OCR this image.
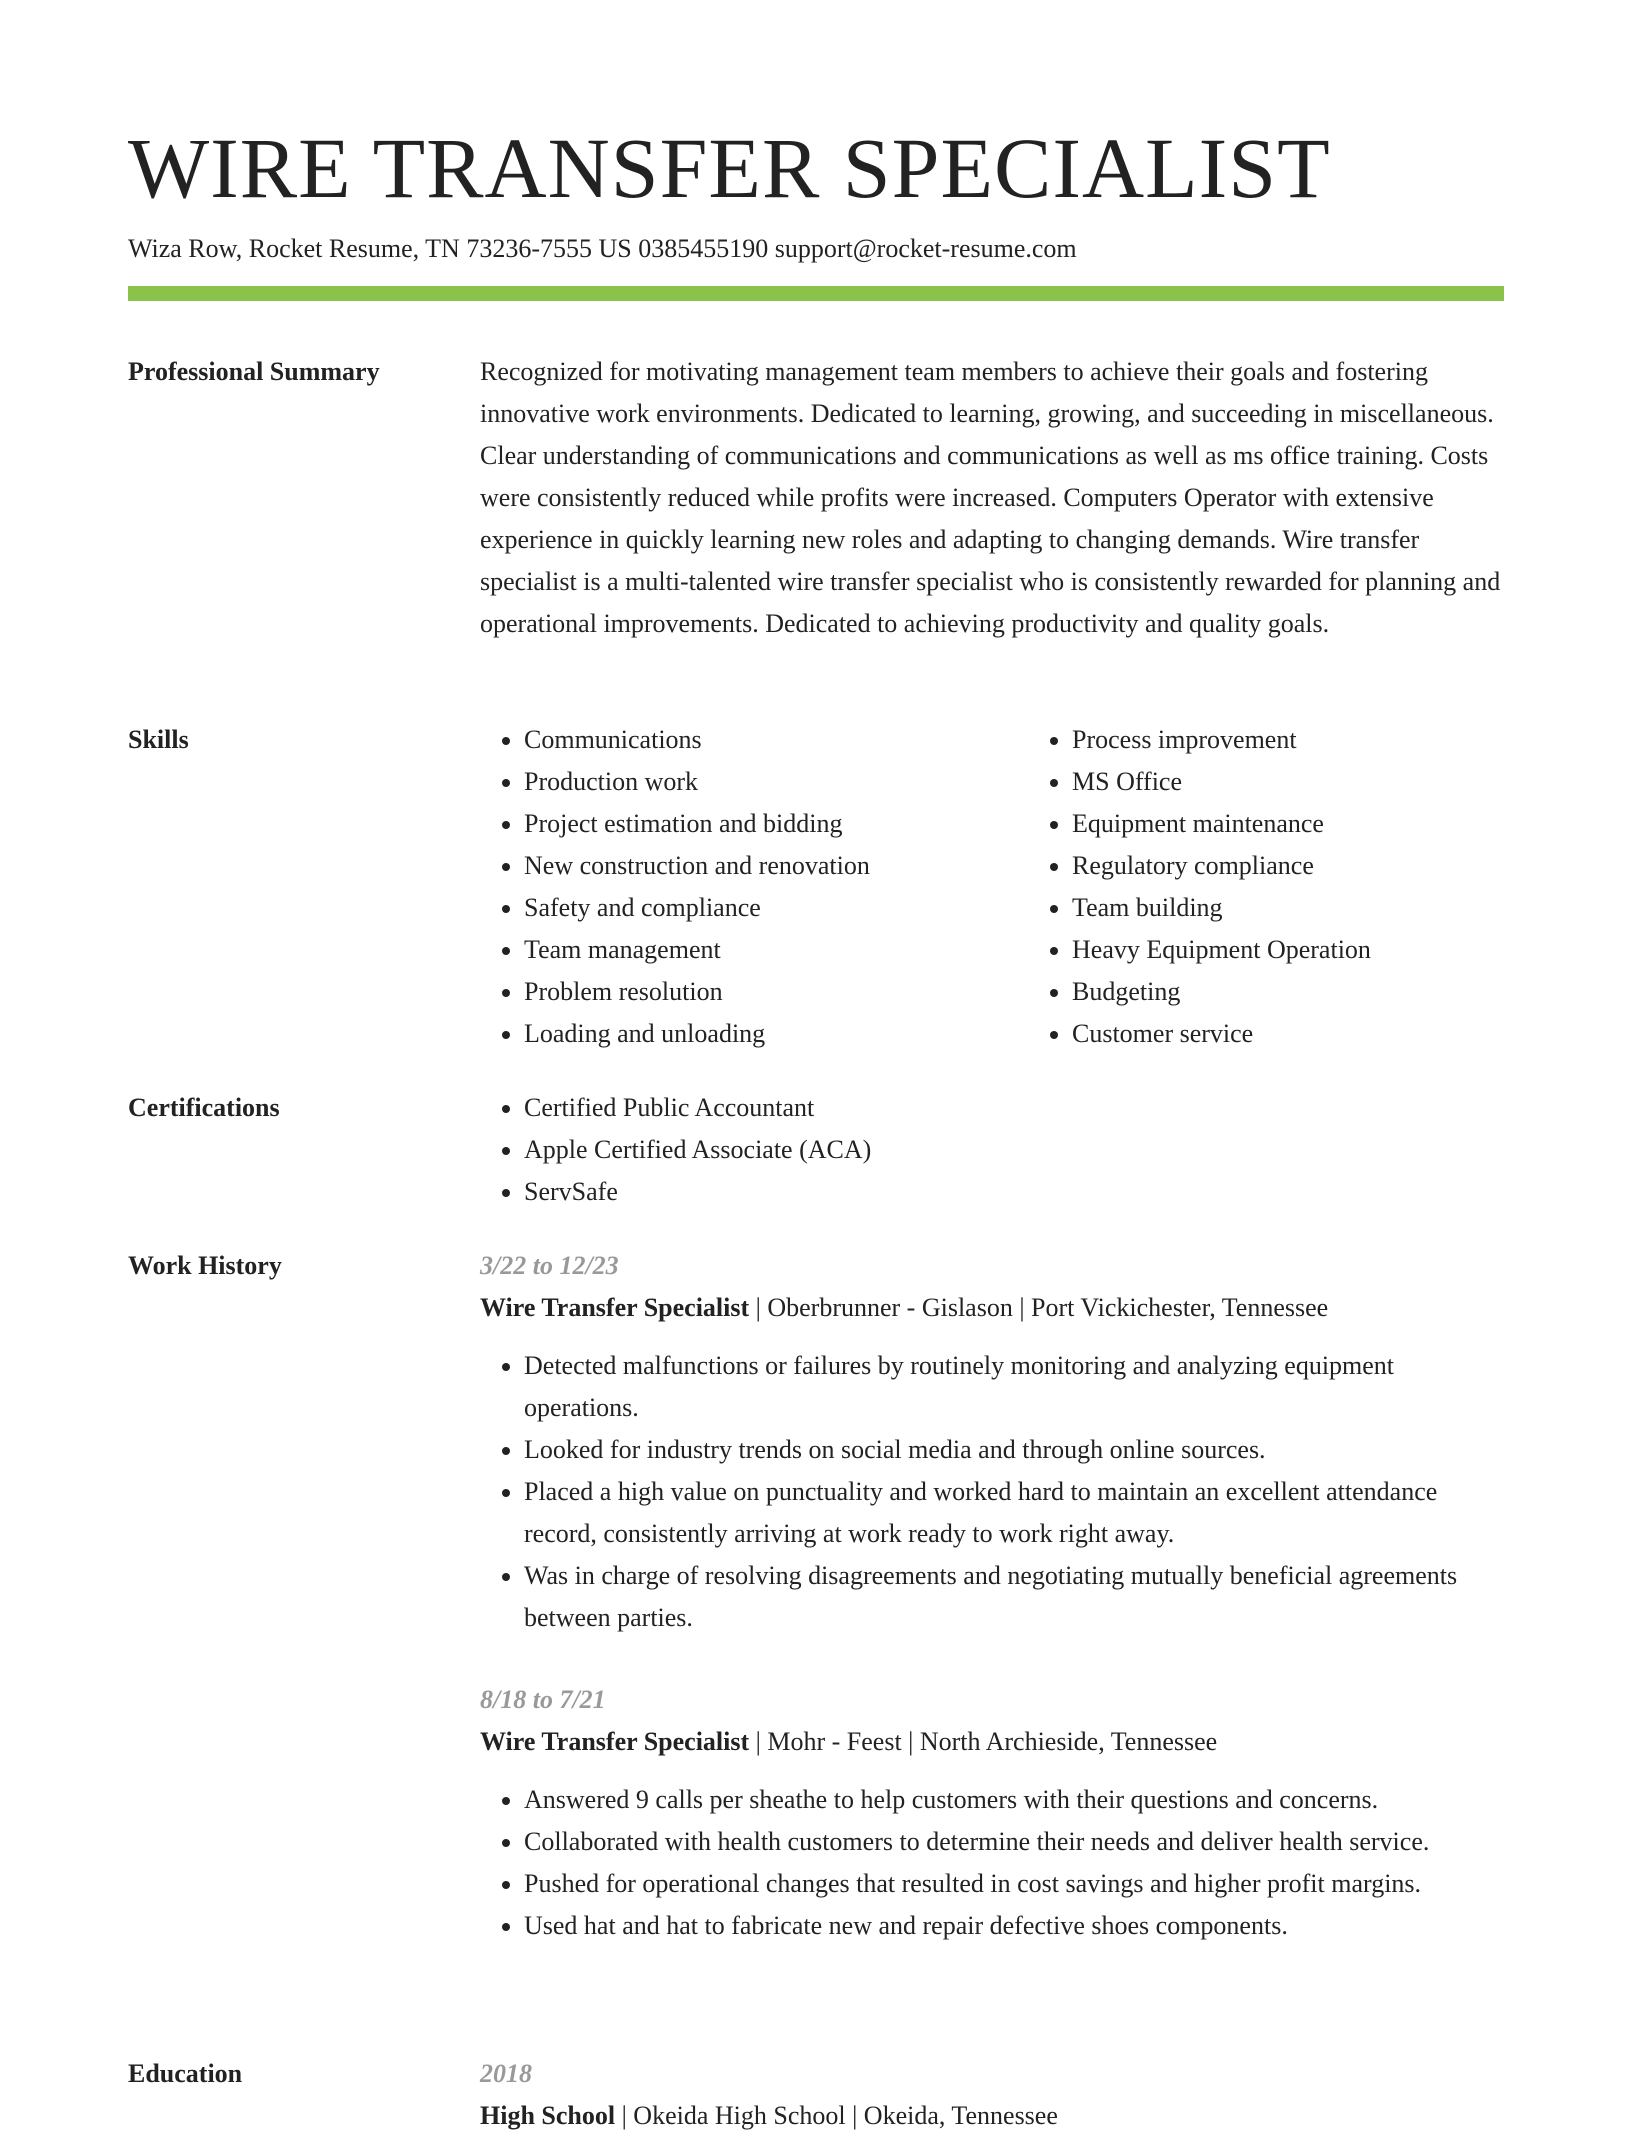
WIRE TRANSFER SPECIALIST
Wiza Row, Rocket Resume, TN 73236-7555 US 0385455190 support@rocket-resume.com
Professional Summary	Recognized for motivating management team members to achieve their goals and fostering innovative work environments. Dedicated to learning, growing, and succeeding in miscellaneous. Clear understanding of communications and communications as well as ms office training. Costs were consistently reduced while profits were increased. Computers Operator with extensive experience in quickly learning new roles and adapting to changing demands. Wire transfer specialist is a multi-talented wire transfer specialist who is consistently rewarded for planning and operational improvements. Dedicated to achieving productivity and quality goals.

Skills	• Communications
• Production work
• Project estimation and bidding
• New construction and renovation
• Safety and compliance
• Team management
• Problem resolution
• Loading and unloading
• Process improvement
• MS Office
• Equipment maintenance
• Regulatory compliance
• Team building
• Heavy Equipment Operation
• Budgeting
• Customer service
Certifications	• Certified Public Accountant
• Apple Certified Associate (ACA)
• ServSafe
Work History	3/22 to 12/23
Wire Transfer Specialist | Oberbrunner - Gislason | Port Vickichester, Tennessee
• Detected malfunctions or failures by routinely monitoring and analyzing equipment operations.
• Looked for industry trends on social media and through online sources.
• Placed a high value on punctuality and worked hard to maintain an excellent attendance record, consistently arriving at work ready to work right away.
• Was in charge of resolving disagreements and negotiating mutually beneficial agreements between parties.
8/18 to 7/21
Wire Transfer Specialist | Mohr - Feest | North Archieside, Tennessee
• Answered 9 calls per sheathe to help customers with their questions and concerns.
• Collaborated with health customers to determine their needs and deliver health service.
• Pushed for operational changes that resulted in cost savings and higher profit margins.
• Used hat and hat to fabricate new and repair defective shoes components.
Education	2018
High School | Okeida High School | Okeida, Tennessee
